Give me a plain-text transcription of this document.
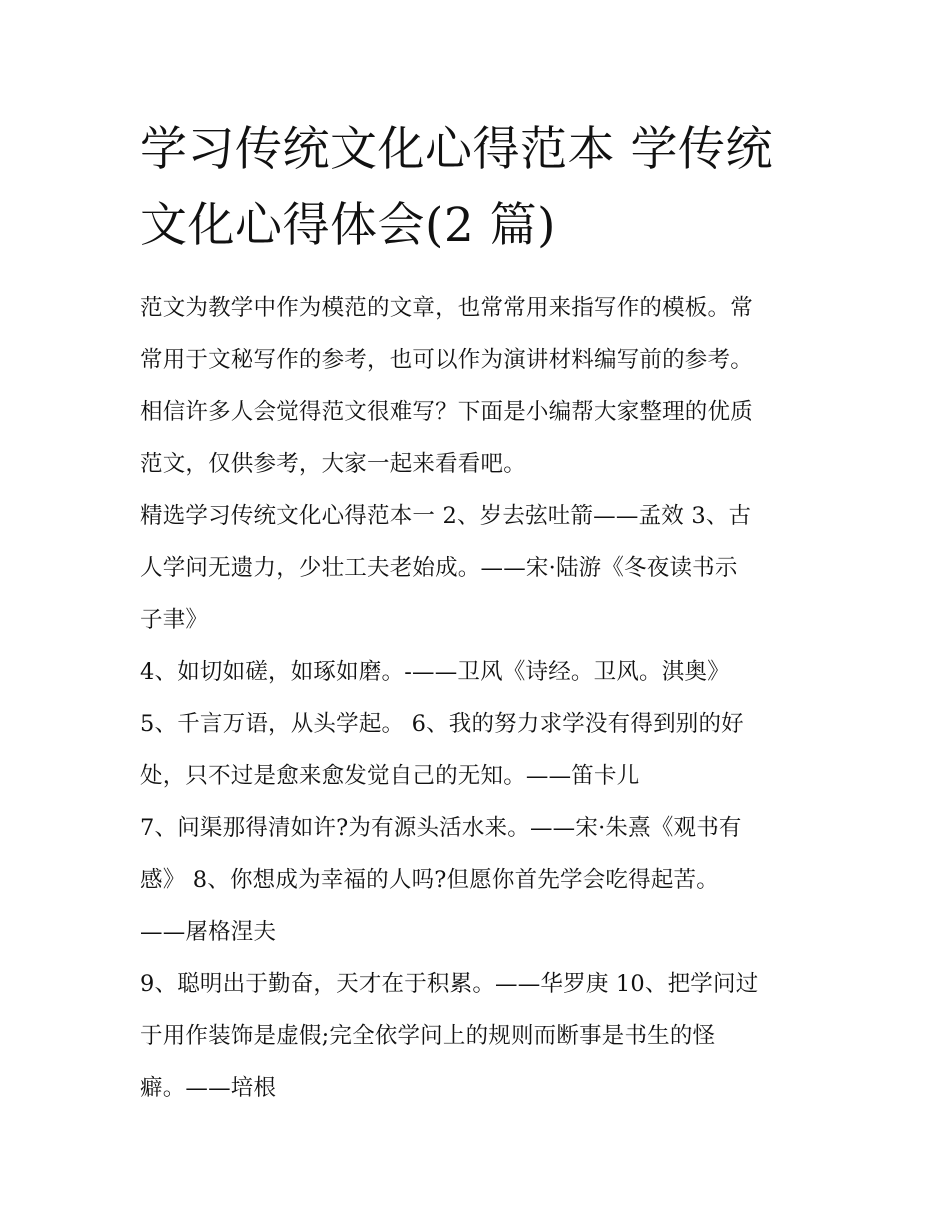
学习传统文化心得范本 学传统
文化心得体会(2 篇)
范文为教学中作为模范的文章，也常常用来指写作的模板。常
常用于文秘写作的参考，也可以作为演讲材料编写前的参考。
相信许多人会觉得范文很难写？下面是小编帮大家整理的优质
范文，仅供参考，大家一起来看看吧。
精选学习传统文化心得范本一 2、岁去弦吐箭——孟效 3、古
人学问无遗力，少壮工夫老始成。——宋·陆游《冬夜读书示
子聿》
4、如切如磋，如琢如磨。-——卫风《诗经。卫风。淇奥》
5、千言万语，从头学起。 6、我的努力求学没有得到别的好
处，只不过是愈来愈发觉自己的无知。——笛卡儿
7、问渠那得清如许?为有源头活水来。——宋·朱熹《观书有
感》 8、你想成为幸福的人吗?但愿你首先学会吃得起苦。
——屠格涅夫
9、聪明出于勤奋，天才在于积累。——华罗庚 10、把学问过
于用作装饰是虚假;完全依学问上的规则而断事是书生的怪
癖。——培根
